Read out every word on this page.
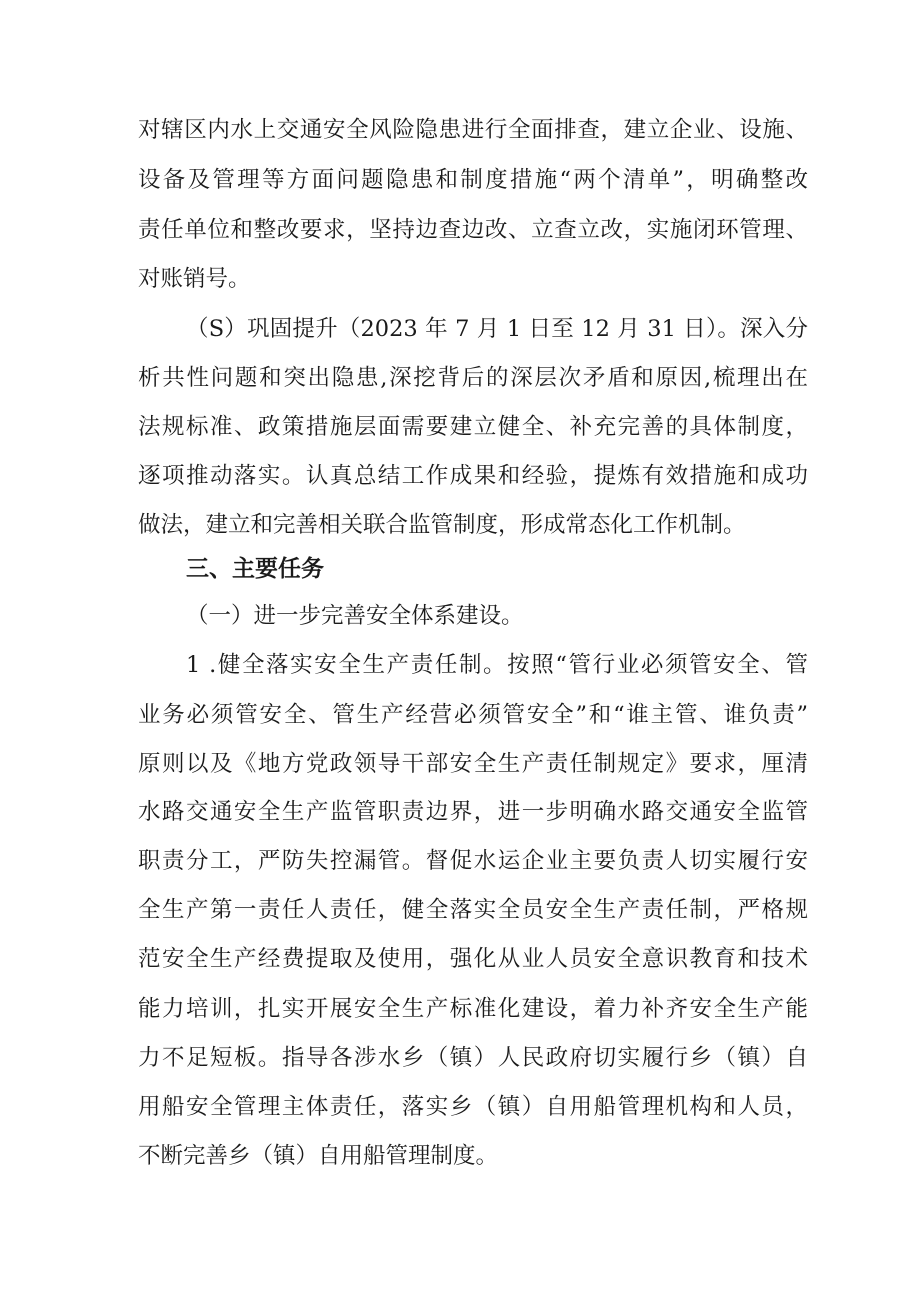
对辖区内水上交通安全风险隐患进行全面排查，建立企业、设施、
设备及管理等方面问题隐患和制度措施“两个清单”，明确整改
责任单位和整改要求，坚持边查边改、立查立改，实施闭环管理、
对账销号。
（S）巩固提升（2023 年 7 月 1 日至 12 月 31 日）。深入分
析共性问题和突出隐患,深挖背后的深层次矛盾和原因,梳理出在
法规标准、政策措施层面需要建立健全、补充完善的具体制度，
逐项推动落实。认真总结工作成果和经验，提炼有效措施和成功
做法，建立和完善相关联合监管制度，形成常态化工作机制。
三、主要任务
（一）进一步完善安全体系建设。
1 .健全落实安全生产责任制。按照“管行业必须管安全、管
业务必须管安全、管生产经营必须管安全”和“谁主管、谁负责”
原则以及《地方党政领导干部安全生产责任制规定》要求，厘清
水路交通安全生产监管职责边界，进一步明确水路交通安全监管
职责分工，严防失控漏管。督促水运企业主要负责人切实履行安
全生产第一责任人责任，健全落实全员安全生产责任制，严格规
范安全生产经费提取及使用，强化从业人员安全意识教育和技术
能力培训，扎实开展安全生产标准化建设，着力补齐安全生产能
力不足短板。指导各涉水乡（镇）人民政府切实履行乡（镇）自
用船安全管理主体责任，落实乡（镇）自用船管理机构和人员，
不断完善乡（镇）自用船管理制度。
